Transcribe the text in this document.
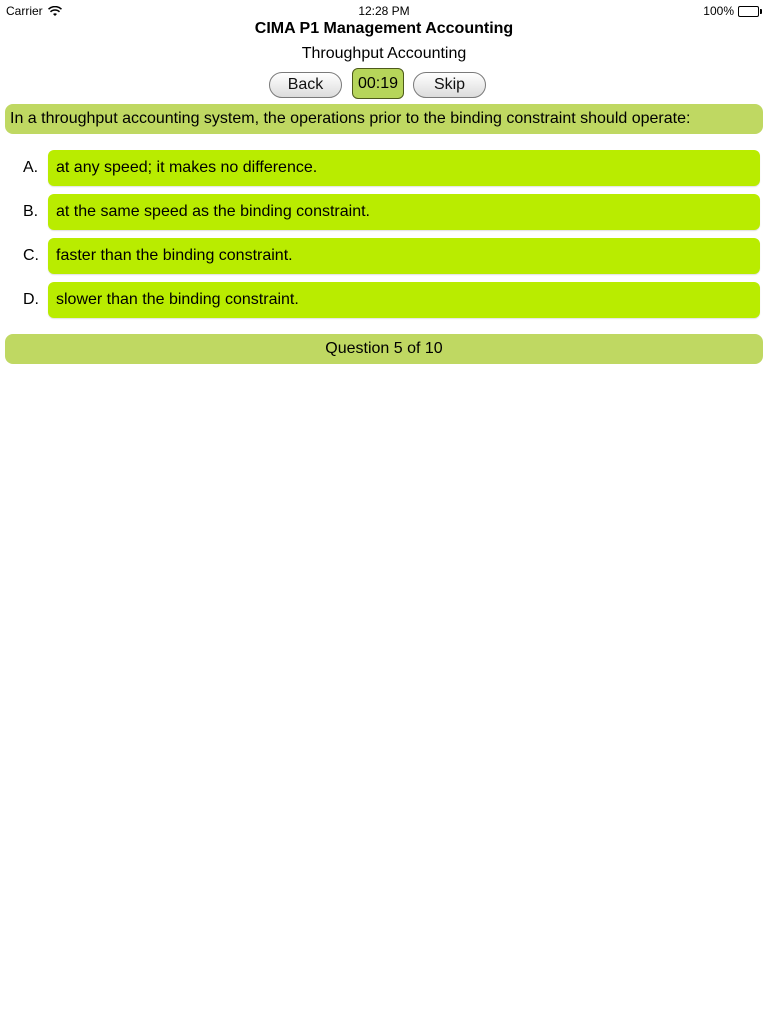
Carrier	12:28 PM	100%
CIMA P1 Management Accounting
Throughput Accounting
Back	00:19	Skip
In a throughput accounting system, the operations prior to the binding constraint should operate:
A.	at any speed; it makes no difference.
B.	at the same speed as the binding constraint.
C.	faster than the binding constraint.
D.	slower than the binding constraint.
Question 5 of 10
